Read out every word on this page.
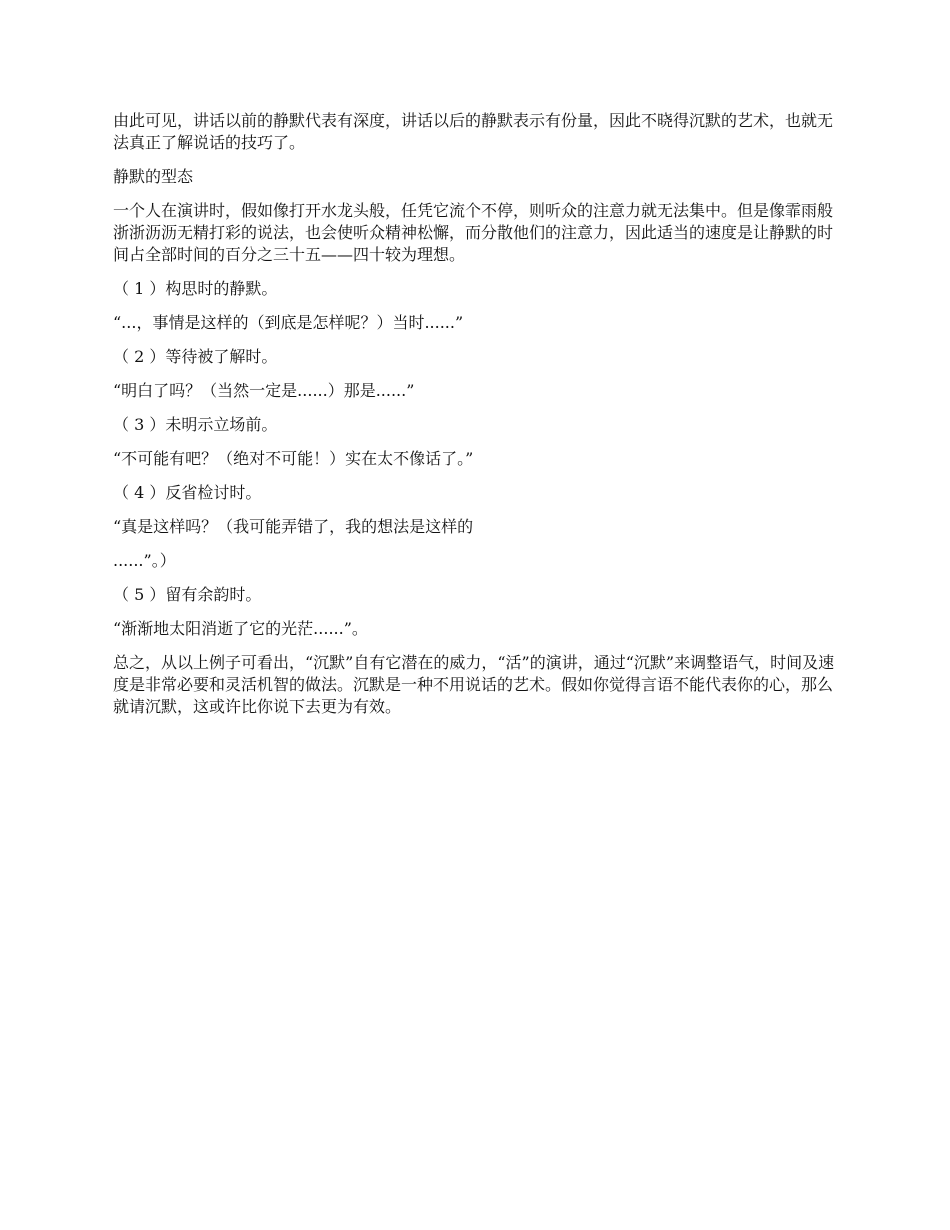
由此可见，讲话以前的静默代表有深度，讲话以后的静默表示有份量，因此不晓得沉默的艺术，也就无法真正了解说话的技巧了。

静默的型态

一个人在演讲时，假如像打开水龙头般，任凭它流个不停，则听众的注意力就无法集中。但是像霏雨般浙浙沥沥无精打彩的说法，也会使听众精神松懈，而分散他们的注意力，因此适当的速度是让静默的时间占全部时间的百分之三十五——四十较为理想。

（ 1 ）构思时的静默。

“...，事情是这样的（到底是怎样呢？）当时......”

（ 2 ）等待被了解时。

“明白了吗？（当然一定是......）那是......”

（ 3 ）未明示立场前。

“不可能有吧？（绝对不可能！）实在太不像话了。”

（ 4 ）反省检讨时。

“真是这样吗？（我可能弄错了，我的想法是这样的

......”。）

（ 5 ）留有余韵时。

“渐渐地太阳消逝了它的光茫......”。

总之，从以上例子可看出，“沉默”自有它潜在的威力，“活”的演讲，通过“沉默”来调整语气，时间及速度是非常必要和灵活机智的做法。沉默是一种不用说话的艺术。假如你觉得言语不能代表你的心，那么就请沉默，这或许比你说下去更为有效。
